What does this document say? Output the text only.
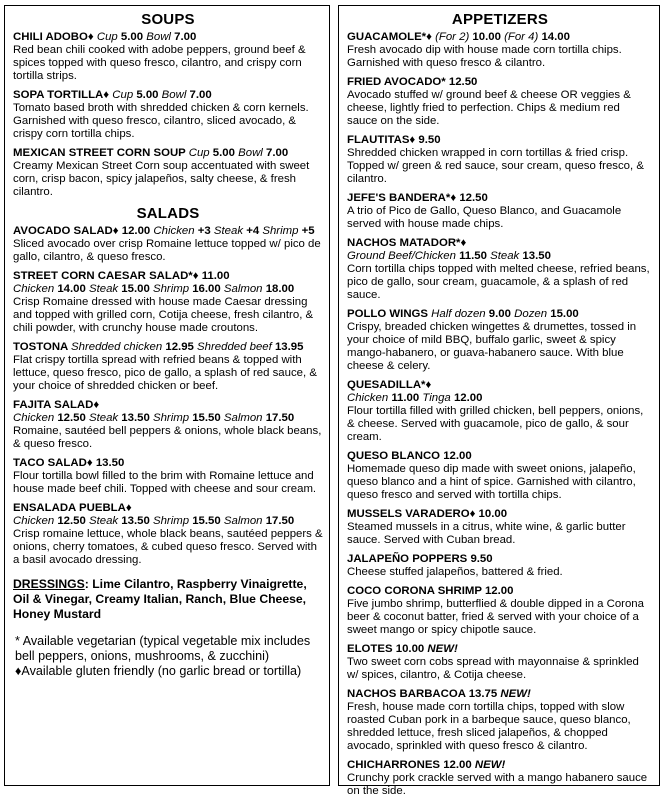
SOUPS
CHILI ADOBO♦ Cup 5.00 Bowl 7.00
Red bean chili cooked with adobe peppers, ground beef & spices topped with queso fresco, cilantro, and crispy corn tortilla strips.
SOPA TORTILLA♦ Cup 5.00 Bowl 7.00
Tomato based broth with shredded chicken & corn kernels. Garnished with queso fresco, cilantro, sliced avocado, & crispy corn tortilla chips.
MEXICAN STREET CORN SOUP Cup 5.00 Bowl 7.00
Creamy Mexican Street Corn soup accentuated with sweet corn, crisp bacon, spicy jalapeños, salty cheese, & fresh cilantro.
SALADS
AVOCADO SALAD♦ 12.00 Chicken +3 Steak +4 Shrimp +5
Sliced avocado over crisp Romaine lettuce topped w/ pico de gallo, cilantro, & queso fresco.
STREET CORN CAESAR SALAD*♦ 11.00
Chicken 14.00 Steak 15.00 Shrimp 16.00 Salmon 18.00
Crisp Romaine dressed with house made Caesar dressing and topped with grilled corn, Cotija cheese, fresh cilantro, & chili powder, with crunchy house made croutons.
TOSTONA Shredded chicken 12.95 Shredded beef 13.95
Flat crispy tortilla spread with refried beans & topped with lettuce, queso fresco, pico de gallo, a splash of red sauce, & your choice of shredded chicken or beef.
FAJITA SALAD♦
Chicken 12.50 Steak 13.50 Shrimp 15.50 Salmon 17.50
Romaine, sautéed bell peppers & onions, whole black beans, & queso fresco.
TACO SALAD♦ 13.50
Flour tortilla bowl filled to the brim with Romaine lettuce and house made beef chili. Topped with cheese and sour cream.
ENSALADA PUEBLA♦
Chicken 12.50 Steak 13.50 Shrimp 15.50 Salmon 17.50
Crisp romaine lettuce, whole black beans, sautéed peppers & onions, cherry tomatoes, & cubed queso fresco. Served with a basil avocado dressing.
DRESSINGS: Lime Cilantro, Raspberry Vinaigrette, Oil & Vinegar, Creamy Italian, Ranch, Blue Cheese, Honey Mustard
* Available vegetarian (typical vegetable mix includes bell peppers, onions, mushrooms, & zucchini)
♦Available gluten friendly (no garlic bread or tortilla)
APPETIZERS
GUACAMOLE*♦ (For 2) 10.00 (For 4) 14.00
Fresh avocado dip with house made corn tortilla chips. Garnished with queso fresco & cilantro.
FRIED AVOCADO* 12.50
Avocado stuffed w/ ground beef & cheese OR veggies & cheese, lightly fried to perfection. Chips & medium red sauce on the side.
FLAUTITAS♦ 9.50
Shredded chicken wrapped in corn tortillas & fried crisp. Topped w/ green & red sauce, sour cream, queso fresco, & cilantro.
JEFE'S BANDERA*♦ 12.50
A trio of Pico de Gallo, Queso Blanco, and Guacamole served with house made chips.
NACHOS MATADOR*♦
Ground Beef/Chicken 11.50 Steak 13.50
Corn tortilla chips topped with melted cheese, refried beans, pico de gallo, sour cream, guacamole, & a splash of red sauce.
POLLO WINGS Half dozen 9.00 Dozen 15.00
Crispy, breaded chicken wingettes & drumettes, tossed in your choice of mild BBQ, buffalo garlic, sweet & spicy mango-habanero, or guava-habanero sauce. With blue cheese & celery.
QUESADILLA*♦
Chicken 11.00 Tinga 12.00
Flour tortilla filled with grilled chicken, bell peppers, onions, & cheese. Served with guacamole, pico de gallo, & sour cream.
QUESO BLANCO 12.00
Homemade queso dip made with sweet onions, jalapeño, queso blanco and a hint of spice. Garnished with cilantro, queso fresco and served with tortilla chips.
MUSSELS VARADERO♦ 10.00
Steamed mussels in a citrus, white wine, & garlic butter sauce. Served with Cuban bread.
JALAPEÑO POPPERS 9.50
Cheese stuffed jalapeños, battered & fried.
COCO CORONA SHRIMP 12.00
Five jumbo shrimp, butterflied & double dipped in a Corona beer & coconut batter, fried & served with your choice of a sweet mango or spicy chipotle sauce.
ELOTES 10.00 NEW!
Two sweet corn cobs spread with mayonnaise & sprinkled w/ spices, cilantro, & Cotija cheese.
NACHOS BARBACOA 13.75 NEW!
Fresh, house made corn tortilla chips, topped with slow roasted Cuban pork in a barbeque sauce, queso blanco, shredded lettuce, fresh sliced jalapeños, & chopped avocado, sprinkled with queso fresco & cilantro.
CHICHARRONES 12.00 NEW!
Crunchy pork crackle served with a mango habanero sauce on the side.
